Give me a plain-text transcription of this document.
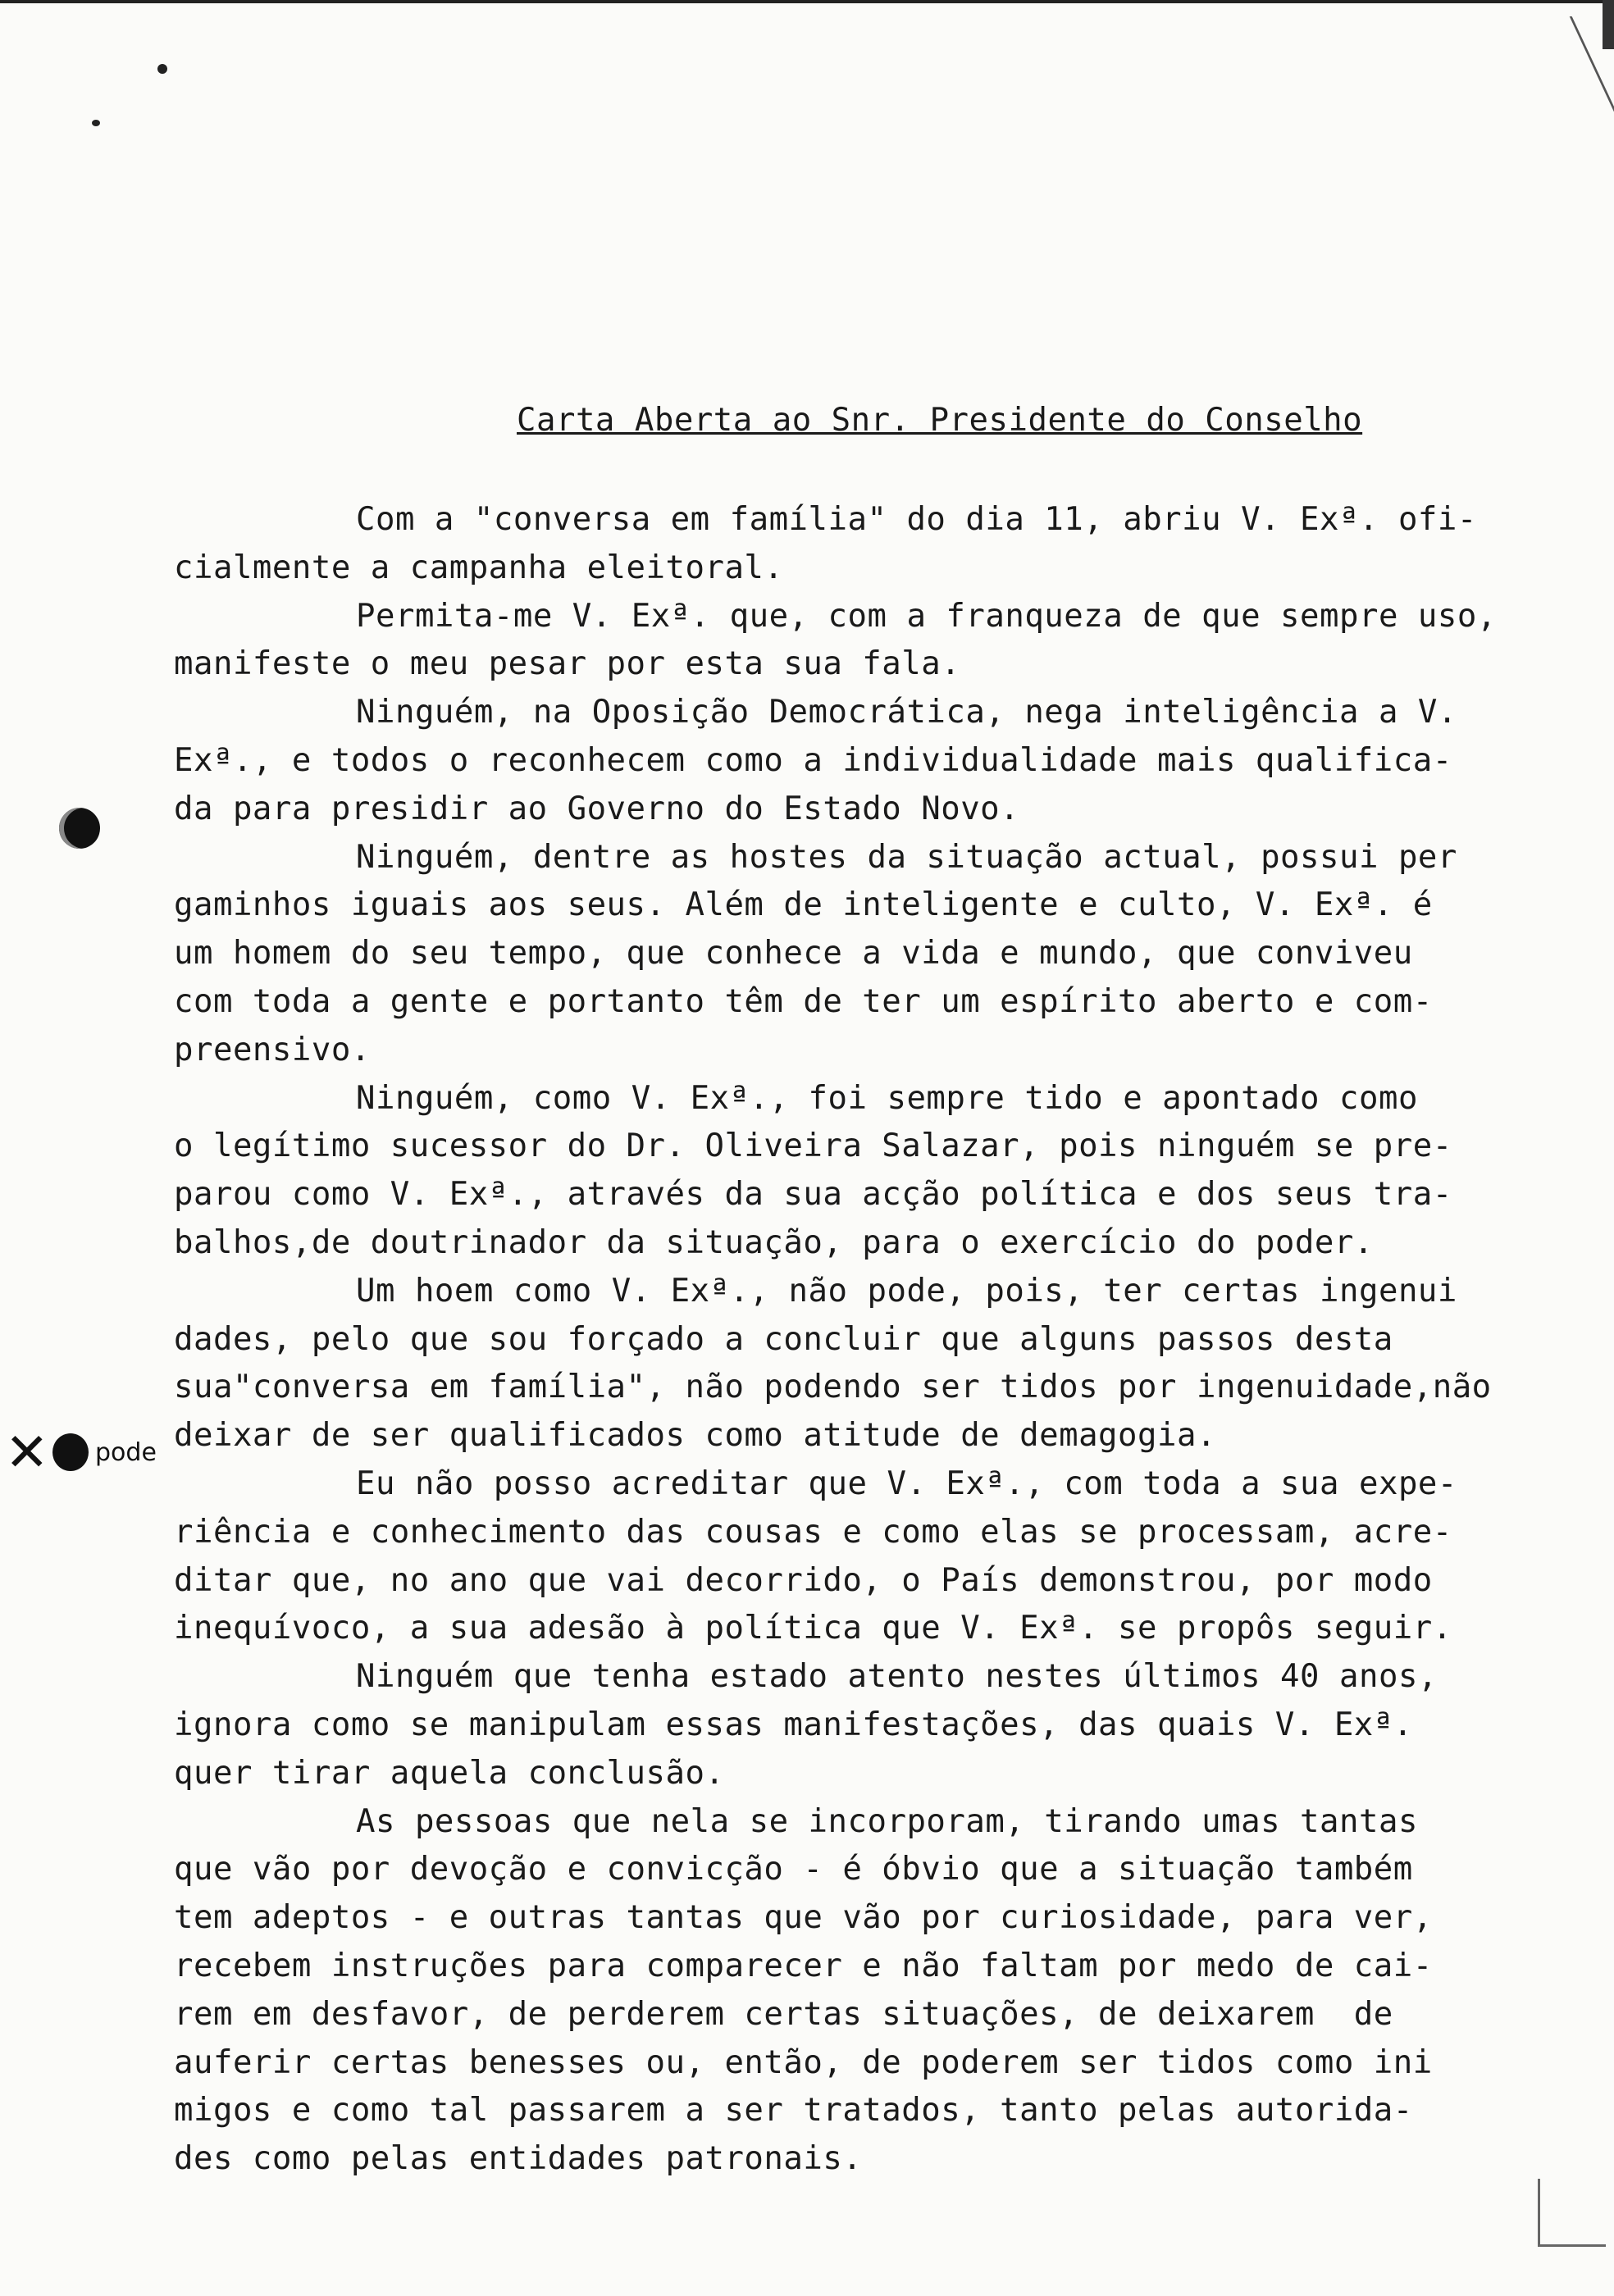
✕ pode
Carta Aberta ao Snr. Presidente do Conselho
Com a "conversa em família" do dia 11, abriu V. Exª. ofi-
cialmente a campanha eleitoral.
Permita-me V. Exª. que, com a franqueza de que sempre uso,
manifeste o meu pesar por esta sua fala.
Ninguém, na Oposição Democrática, nega inteligência a V.
Exª., e todos o reconhecem como a individualidade mais qualifica-
da para presidir ao Governo do Estado Novo.
Ninguém, dentre as hostes da situação actual, possui per
gaminhos iguais aos seus. Além de inteligente e culto, V. Exª. é
um homem do seu tempo, que conhece a vida e mundo, que conviveu
com toda a gente e portanto têm de ter um espírito aberto e com-
preensivo.
Ninguém, como V. Exª., foi sempre tido e apontado como
o legítimo sucessor do Dr. Oliveira Salazar, pois ninguém se pre-
parou como V. Exª., através da sua acção política e dos seus tra-
balhos,de doutrinador da situação, para o exercício do poder.
Um hoem como V. Exª., não pode, pois, ter certas ingenui
dades, pelo que sou forçado a concluir que alguns passos desta
sua"conversa em família", não podendo ser tidos por ingenuidade,não
deixar de ser qualificados como atitude de demagogia.
Eu não posso acreditar que V. Exª., com toda a sua expe-
riência e conhecimento das cousas e como elas se processam, acre-
ditar que, no ano que vai decorrido, o País demonstrou, por modo
inequívoco, a sua adesão à política que V. Exª. se propôs seguir.
Ninguém que tenha estado atento nestes últimos 40 anos,
ignora como se manipulam essas manifestações, das quais V. Exª.
quer tirar aquela conclusão.
As pessoas que nela se incorporam, tirando umas tantas
que vão por devoção e convicção - é óbvio que a situação também
tem adeptos - e outras tantas que vão por curiosidade, para ver,
recebem instruções para comparecer e não faltam por medo de cai-
rem em desfavor, de perderem certas situações, de deixarem  de
auferir certas benesses ou, então, de poderem ser tidos como ini
migos e como tal passarem a ser tratados, tanto pelas autorida-
des como pelas entidades patronais.
